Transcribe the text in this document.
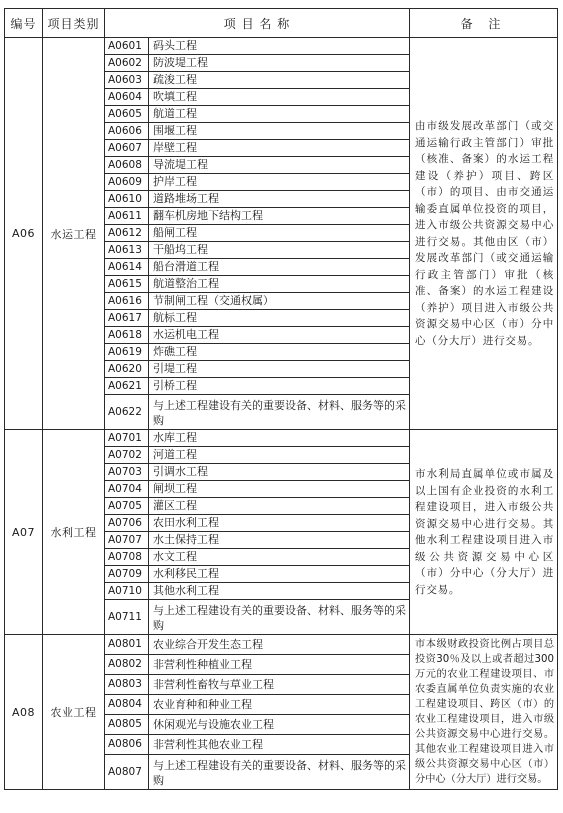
编号	项目类别	项 目 名 称		备 注
A06	水运工程	A0601	码头工程	由市级发展改革部门（或交通运输行政主管部门）审批（核准、备案）的水运工程建设（养护）项目、跨区（市）的项目、由市交通运输委直属单位投资的项目，进入市级公共资源交易中心进行交易。其他由区（市）发展改革部门（或交通运输行政主管部门）审批（核准、备案）的水运工程建设（养护）项目进入市级公共资源交易中心区（市）分中心（分大厅）进行交易。
		A0602	防波堤工程	
		A0603	疏浚工程	
		A0604	吹填工程	
		A0605	航道工程	
		A0606	围堰工程	
		A0607	岸壁工程	
		A0608	导流堤工程	
		A0609	护岸工程	
		A0610	道路堆场工程	
		A0611	翻车机房地下结构工程	
		A0612	船闸工程	
		A0613	干船坞工程	
		A0614	船台滑道工程	
		A0615	航道整治工程	
		A0616	节制闸工程（交通权属）	
		A0617	航标工程	
		A0618	水运机电工程	
		A0619	炸礁工程	
		A0620	引堤工程	
		A0621	引桥工程	
		A0622	与上述工程建设有关的重要设备、材料、服务等的采购	
A07	水利工程	A0701	水库工程	市水利局直属单位或市属及以上国有企业投资的水利工程建设项目，进入市级公共资源交易中心进行交易。其他水利工程建设项目进入市级公共资源交易中心区（市）分中心（分大厅）进行交易。
		A0702	河道工程	
		A0703	引调水工程	
		A0704	闸坝工程	
		A0705	灌区工程	
		A0706	农田水利工程	
		A0707	水土保持工程	
		A0708	水文工程	
		A0709	水利移民工程	
		A0710	其他水利工程	
		A0711	与上述工程建设有关的重要设备、材料、服务等的采购	
A08	农业工程	A0801	农业综合开发生态工程	市本级财政投资比例占项目总投资30％及以上或者超过300万元的农业工程建设项目、市农委直属单位负责实施的农业工程建设项目、跨区（市）的农业工程建设项目，进入市级公共资源交易中心进行交易。其他农业工程建设项目进入市级公共资源交易中心区（市）分中心（分大厅）进行交易。
		A0802	非营利性种植业工程	
		A0803	非营利性畜牧与草业工程	
		A0804	农业育种和种业工程	
		A0805	休闲观光与设施农业工程	
		A0806	非营利性其他农业工程	
		A0807	与上述工程建设有关的重要设备、材料、服务等的采购	
